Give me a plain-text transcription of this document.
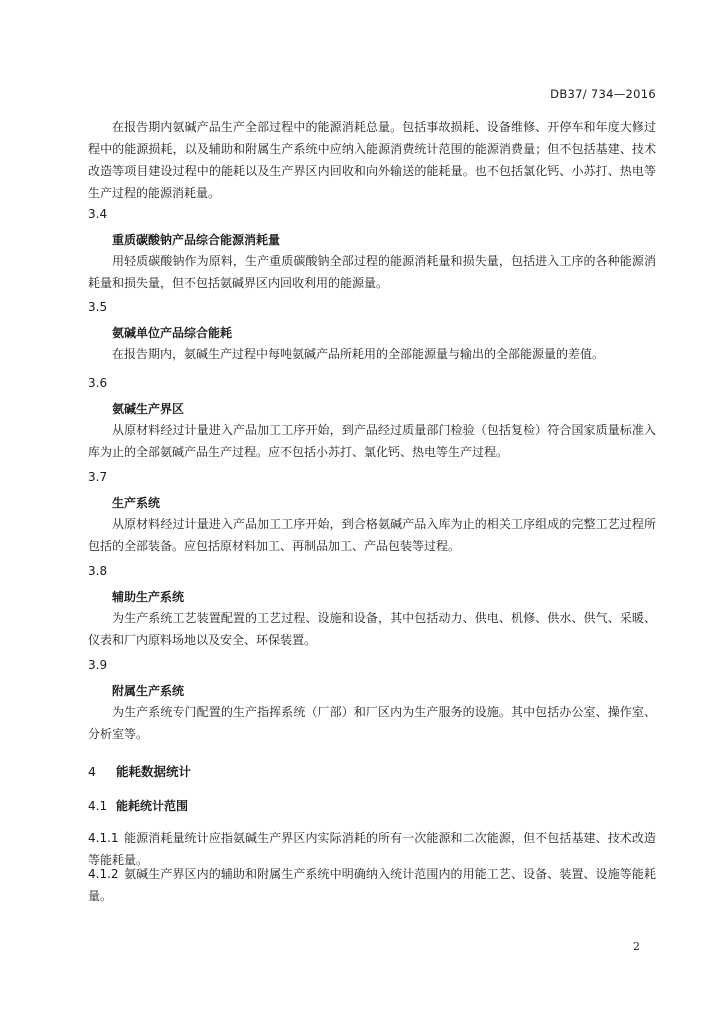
DB37/ 734—2016

在报告期内氨碱产品生产全部过程中的能源消耗总量。包括事故损耗、设备维修、开停车和年度大修过程中的能源损耗，以及辅助和附属生产系统中应纳入能源消费统计范围的能源消费量；但不包括基建、技术改造等项目建设过程中的能耗以及生产界区内回收和向外输送的能耗量。也不包括氯化钙、小苏打、热电等生产过程的能源消耗量。

3.4
重质碳酸钠产品综合能源消耗量

用轻质碳酸钠作为原料，生产重质碳酸钠全部过程的能源消耗量和损失量，包括进入工序的各种能源消耗量和损失量，但不包括氨碱界区内回收利用的能源量。

3.5
氨碱单位产品综合能耗

在报告期内，氨碱生产过程中每吨氨碱产品所耗用的全部能源量与输出的全部能源量的差值。

3.6
氨碱生产界区

从原材料经过计量进入产品加工工序开始，到产品经过质量部门检验（包括复检）符合国家质量标准入库为止的全部氨碱产品生产过程。应不包括小苏打、氯化钙、热电等生产过程。

3.7
生产系统

从原材料经过计量进入产品加工工序开始，到合格氨碱产品入库为止的相关工序组成的完整工艺过程所包括的全部装备。应包括原材料加工、再制品加工、产品包装等过程。

3.8
辅助生产系统

为生产系统工艺装置配置的工艺过程、设施和设备，其中包括动力、供电、机修、供水、供气、采暖、仪表和厂内原料场地以及安全、环保装置。

3.9
附属生产系统

为生产系统专门配置的生产指挥系统（厂部）和厂区内为生产服务的设施。其中包括办公室、操作室、分析室等。

4 能耗数据统计
4.1 能耗统计范围

4.1.1 能源消耗量统计应指氨碱生产界区内实际消耗的所有一次能源和二次能源，但不包括基建、技术改造等能耗量。

4.1.2 氨碱生产界区内的辅助和附属生产系统中明确纳入统计范围内的用能工艺、设备、装置、设施等能耗量。

2
